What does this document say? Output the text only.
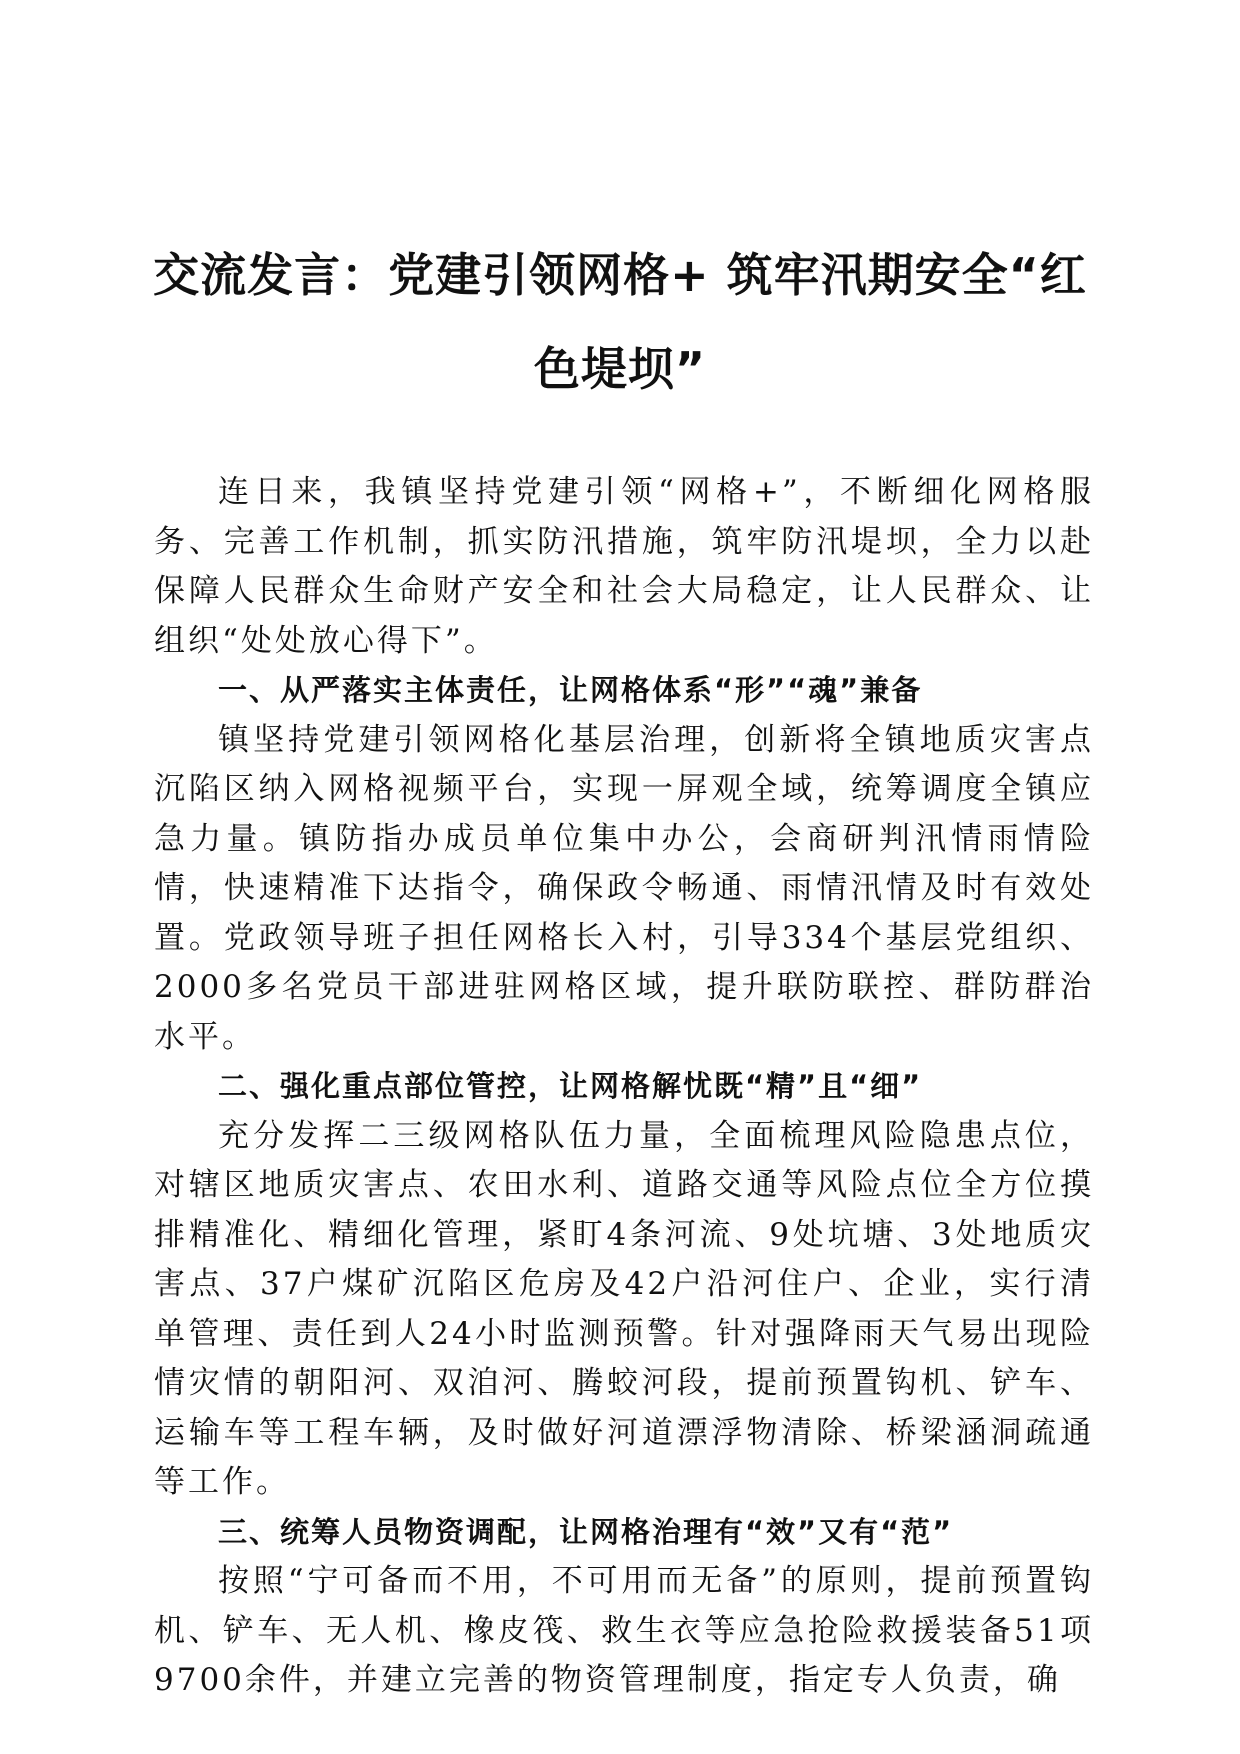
交流发言：党建引领网格+ 筑牢汛期安全“红
色堤坝”

连日来，我镇坚持党建引领“网格+”，不断细化网格服务、完善工作机制，抓实防汛措施，筑牢防汛堤坝，全力以赴保障人民群众生命财产安全和社会大局稳定，让人民群众、让组织“处处放心得下”。

一、从严落实主体责任，让网格体系“形”“魂”兼备

镇坚持党建引领网格化基层治理，创新将全镇地质灾害点沉陷区纳入网格视频平台，实现一屏观全域，统筹调度全镇应急力量。镇防指办成员单位集中办公，会商研判汛情雨情险情，快速精准下达指令，确保政令畅通、雨情汛情及时有效处置。党政领导班子担任网格长入村，引导334个基层党组织、2000多名党员干部进驻网格区域，提升联防联控、群防群治水平。

二、强化重点部位管控，让网格解忧既“精”且“细”

充分发挥二三级网格队伍力量，全面梳理风险隐患点位，对辖区地质灾害点、农田水利、道路交通等风险点位全方位摸排精准化、精细化管理，紧盯4条河流、9处坑塘、3处地质灾害点、37户煤矿沉陷区危房及42户沿河住户、企业，实行清单管理、责任到人24小时监测预警。针对强降雨天气易出现险情灾情的朝阳河、双洎河、腾蛟河段，提前预置钩机、铲车、运输车等工程车辆，及时做好河道漂浮物清除、桥梁涵洞疏通等工作。

三、统筹人员物资调配，让网格治理有“效”又有“范”

按照“宁可备而不用，不可用而无备”的原则，提前预置钩机、铲车、无人机、橡皮筏、救生衣等应急抢险救援装备51项9700余件，并建立完善的物资管理制度，指定专人负责，确
